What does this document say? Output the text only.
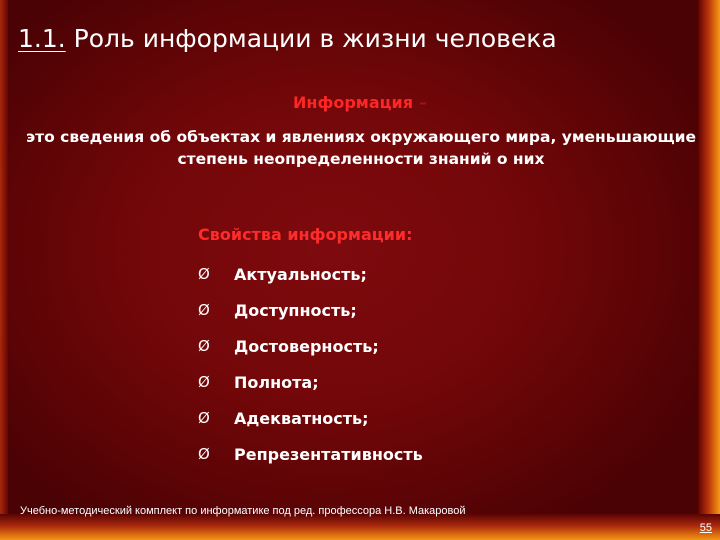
1.1. Роль информации в жизни человека
Информация –
это сведения об объектах и явлениях окружающего мира, уменьшающие степень неопределенности знаний о них
Свойства информации:
Ø	Актуальность;
Ø	Доступность;
Ø	Достоверность;
Ø	Полнота;
Ø	Адекватность;
Ø	Репрезентативность
Учебно-методический комплект по информатике под ред. профессора Н.В. Макаровой
55
